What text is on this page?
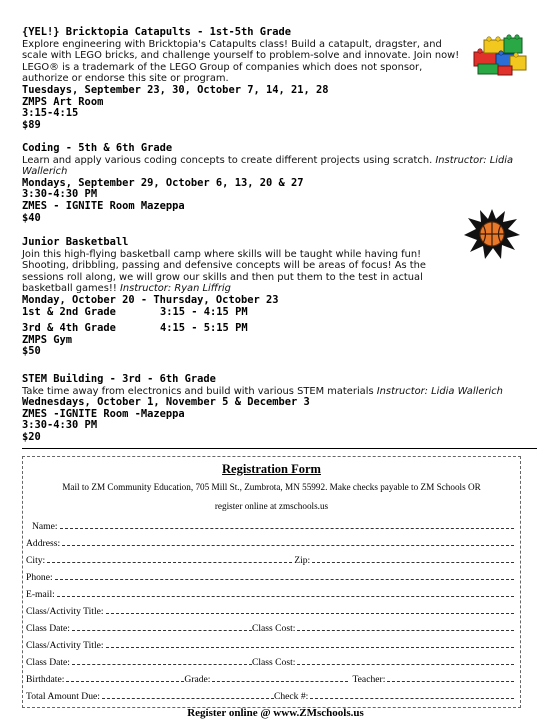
{YEL!} Bricktopia Catapults - 1st-5th Grade
Explore engineering with Bricktopia's Catapults class! Build a catapult, dragster, and scale with LEGO bricks, and challenge yourself to problem-solve and innovate. Join now! LEGO® is a trademark of the LEGO Group of companies which does not sponsor, authorize or endorse this site or program.
Tuesdays, September 23, 30, October 7, 14, 21, 28
ZMPS Art Room
3:15-4:15
$89
Coding - 5th & 6th Grade
Learn and apply various coding concepts to create different projects using scratch. Instructor: Lidia Wallerich
Mondays, September 29, October 6, 13, 20 & 27
3:30-4:30 PM
ZMES - IGNITE Room Mazeppa
$40
Junior Basketball
Join this high-flying basketball camp where skills will be taught while having fun! Shooting, dribbling, passing and defensive concepts will be areas of focus! As the sessions roll along, we will grow our skills and then put them to the test in actual basketball games!! Instructor: Ryan Liffrig
Monday, October 20 - Thursday, October 23
1st & 2nd Grade	3:15 - 4:15 PM
3rd & 4th Grade	4:15 - 5:15 PM
ZMPS Gym
$50
STEM Building - 3rd - 6th Grade
Take time away from electronics and build with various STEM materials Instructor: Lidia Wallerich
Wednesdays, October 1, November 5 & December 3
ZMES -IGNITE Room -Mazeppa
3:30-4:30 PM
$20
Registration Form
Mail to ZM Community Education, 705 Mill St., Zumbrota, MN 55992. Make checks payable to ZM Schools OR
register online at zmschools.us
Name:
Address:
City:	Zip:
Phone:
E-mail:
Class/Activity Title:
Class Date:	Class Cost:
Class/Activity Title:
Class Date:	Class Cost:
Birthdate:	Grade:	Teacher:
Total Amount Due:	Check #:
Register online @ www.ZMschools.us
